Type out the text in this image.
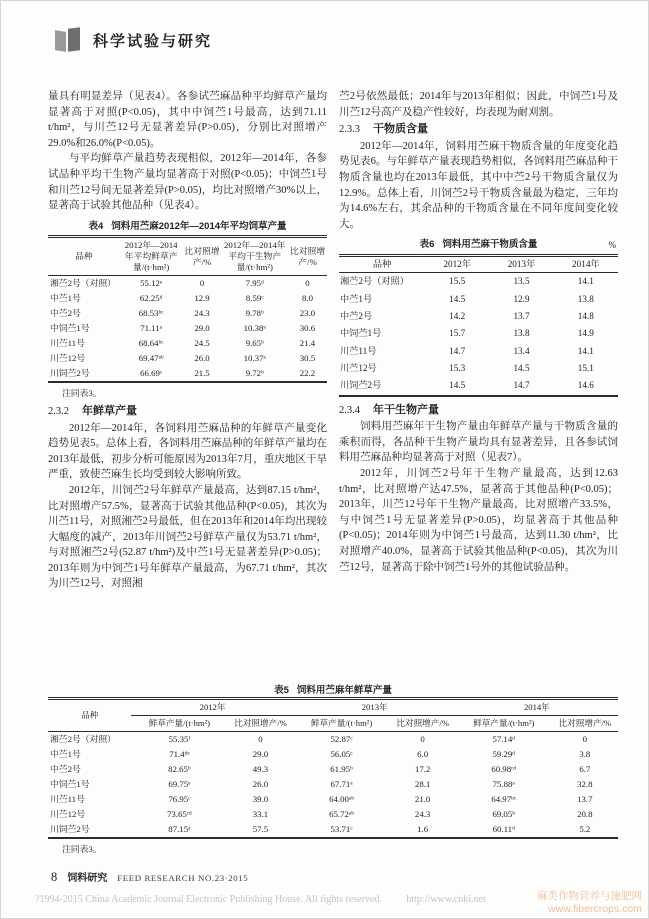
科学试验与研究

量具有明显差异（见表4）。各参试苎麻品种平均鲜草产量均显著高于对照(P<0.05)，其中中饲苎1号最高，达到71.11 t/hm²，与川苎12号无显著差异(P>0.05)，分别比对照增产29.0%和26.0%(P<0.05)。

与平均鲜草产量趋势表现相似，2012年—2014年，各参试品种平均干生物产量均显著高于对照(P<0.05)；中饲苎1号和川苎12号间无显著差异(P>0.05)，均比对照增产30%以上，显著高于试验其他品种（见表4）。

表4 饲料用苎麻2012年—2014年平均饲草产量
品种	2012年—2014年平均鲜草产量/(t·hm²)	比对照增产/%	2012年—2014年平均干生物产量/(t·hm²)	比对照增产/%
湘苎2号（对照）	55.12ᵉ	0	7.95ᵈ	0
中苎1号	62.25ᵈ	12.9	8.59ᶜ	8.0
中苎2号	68.53ᵇᶜ	24.3	9.78ᵇ	23.0
中饲苎1号	71.11ᵃ	29.0	10.38ᵃ	30.6
川苎11号	68.64ᵇᶜ	24.5	9.65ᵇ	21.4
川苎12号	69.47ᵃᵇ	26.0	10.37ᵃ	30.5
川饲苎2号	66.69ᶜ	21.5	9.72ᵇ	22.2
注同表3。
2.3.2 年鲜草产量

2012年—2014年，各饲料用苎麻品种的年鲜草产量变化趋势见表5。总体上看，各饲料用苎麻品种的年鲜草产量均在2013年最低，初步分析可能原因为2013年7月，重庆地区干旱严重，致使苎麻生长均受到较大影响所致。

2012年，川饲苎2号年鲜草产量最高，达到87.15 t/hm²，比对照增产57.5%，显著高于试验其他品种(P<0.05)，其次为川苎11号，对照湘苎2号最低，但在2013年和2014年均出现较大幅度的减产，2013年川饲苎2号鲜草产量仅为53.71 t/hm²，与对照湘苎2号(52.87 t/hm²)及中苎1号无显著差异(P>0.05)；2013年则为中饲苎1号年鲜草产量最高，为67.71 t/hm²，其次为川苎12号，对照湘

苎2号依然最低；2014年与2013年相似；因此，中饲苎1号及川苎12号高产及稳产性较好，均表现为耐刈割。

2.3.3 干物质含量

2012年—2014年，饲料用苎麻干物质含量的年度变化趋势见表6。与年鲜草产量表现趋势相似，各饲料用苎麻品种干物质含量也均在2013年最低，其中中苎2号干物质含量仅为12.9%。总体上看，川饲苎2号干物质含量最为稳定，三年均为14.6%左右，其余品种的干物质含量在不同年度间变化较大。

表6 饲料用苎麻干物质含量	%
品种	2012年	2013年	2014年
湘苎2号（对照）	15.5	13.5	14.1
中苎1号	14.5	12.9	13.8
中苎2号	14.2	13.7	14.8
中饲苎1号	15.7	13.8	14.9
川苎11号	14.7	13.4	14.1
川苎12号	15.3	14.5	15.1
川饲苎2号	14.5	14.7	14.6
2.3.4 年干生物产量

饲料用苎麻年干生物产量由年鲜草产量与干物质含量的乘积而得，各品种干生物产量均具有显著差异，且各参试饲料用苎麻品种均显著高于对照（见表7）。

2012年，川饲苎2号年干生物产量最高，达到12.63 t/hm²，比对照增产达47.5%，显著高于其他品种(P<0.05)；2013年，川苎12号年干生物产量最高，比对照增产33.5%，与中饲苎1号无显著差异(P>0.05)，均显著高于其他品种(P<0.05)；2014年则为中饲苎1号最高，达到11.30 t/hm²，比对照增产40.0%，显著高于试验其他品种(P<0.05)，其次为川苎12号，显著高于除中饲苎1号外的其他试验品种。

表5 饲料用苎麻年鲜草产量
品种	2012年		2013年		2014年	
	鲜草产量/(t·hm²)	比对照增产/%	鲜草产量/(t·hm²)	比对照增产/%	鲜草产量/(t·hm²)	比对照增产/%
湘苎2号（对照）	55.35ᶠ	0	52.87ᶜ	0	57.14ᵈ	0
中苎1号	71.4ᵈᵉ	29.0	56.05ᶜ	6.0	59.29ᵈ	3.8
中苎2号	82.65ᵇ	49.3	61.95ᵇ	17.2	60.98ᶜᵈ	6.7
中饲苎1号	69.75ᵉ	26.0	67.71ᵃ	28.1	75.88ᵃ	32.8
川苎11号	76.95ᶜ	39.0	64.00ᵃᵇ	21.0	64.97ᵇᶜ	13.7
川苎12号	73.65ᶜᵈ	33.1	65.72ᵃᵇ	24.3	69.05ᵇ	20.8
川饲苎2号	87.15ᵃ	57.5	53.71ᶜ	1.6	60.11ᵈ	5.2
注同表3。
8 饲料研究 FEED RESEARCH NO.23·2015
?1994-2015 China Academic Journal Electronic Publishing House. All rights reserved. http://www.cnki.net	麻类作物营养与施肥网
www.fibercrops.com
